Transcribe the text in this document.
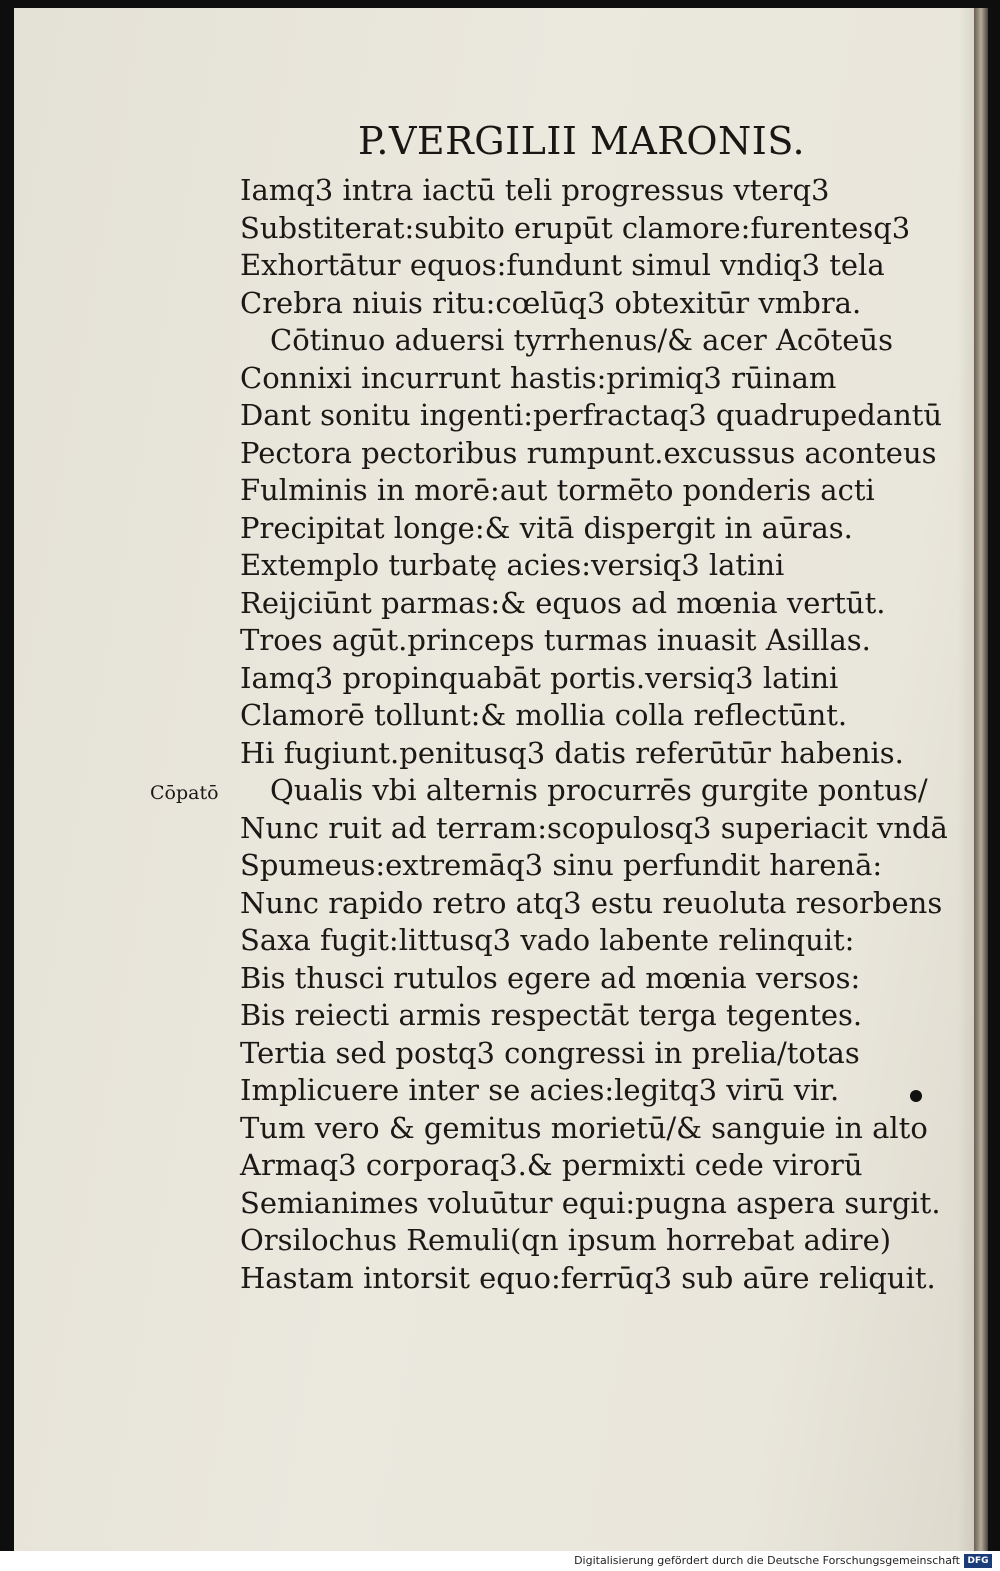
P.VERGILII MARONIS.
Cōpatō
Iamq3 intra iactū teli progressus vterq3
Substiterat:subito erupūt clamore:furentesq3
Exhortātur equos:fundunt simul vndiq3 tela
Crebra niuis ritu:cœlūq3 obtexitūr vmbra.
Cōtinuo aduersi tyrrhenus/& acer Acōteūs
Connixi incurrunt hastis:primiq3 rūinam
Dant sonitu ingenti:perfractaq3 quadrupedantū
Pectora pectoribus rumpunt.excussus aconteus
Fulminis in morē:aut tormēto ponderis acti
Precipitat longe:& vitā dispergit in aūras.
Extemplo turbatę acies:versiq3 latini
Reijciūnt parmas:& equos ad mœnia vertūt.
Troes agūt.princeps turmas inuasit Asillas.
Iamq3 propinquabāt portis.versiq3 latini
Clamorē tollunt:& mollia colla reflectūnt.
Hi fugiunt.penitusq3 datis referūtūr habenis.
Qualis vbi alternis procurrēs gurgite pontus/
Nunc ruit ad terram:scopulosq3 superiacit vndā
Spumeus:extremāq3 sinu perfundit harenā:
Nunc rapido retro atq3 estu reuoluta resorbens
Saxa fugit:littusq3 vado labente relinquit:
Bis thusci rutulos egere ad mœnia versos:
Bis reiecti armis respectāt terga tegentes.
Tertia sed postq3 congressi in prelia/totas
Implicuere inter se acies:legitq3 virū vir.
Tum vero & gemitus morietū/& sanguie in alto
Armaq3 corporaq3.& permixti cede virorū
Semianimes voluūtur equi:pugna aspera surgit.
Orsilochus Remuli(qn ipsum horrebat adire)
Hastam intorsit equo:ferrūq3 sub aūre reliquit.
Digitalisierung gefördert durch die Deutsche Forschungsgemeinschaft DFG
